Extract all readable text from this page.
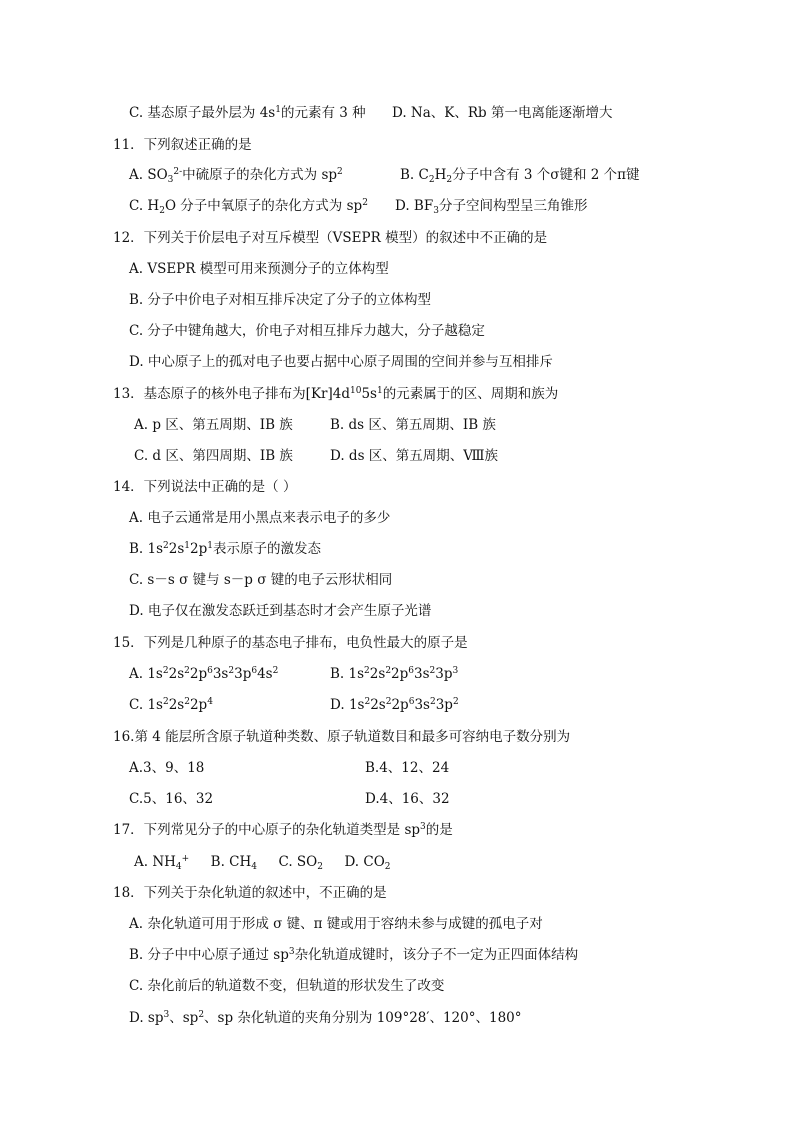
C. 基态原子最外层为 $4s^1$的元素有 3 种 D. Na、K、Rb 第一电离能逐渐增大
11．下列叙述正确的是
A. $SO_3^{2-}$中硫原子的杂化方式为 $sp^2$	B. $C_2H_2$分子中含有 3 个σ键和 2 个π键
C. $H_2O$ 分子中氧原子的杂化方式为 $sp^2$ D. $BF_3$分子空间构型呈三角锥形
12．下列关于价层电子对互斥模型（VSEPR 模型）的叙述中不正确的是
A. VSEPR 模型可用来预测分子的立体构型
B. 分子中价电子对相互排斥决定了分子的立体构型
C. 分子中键角越大，价电子对相互排斥力越大，分子越稳定
D. 中心原子上的孤对电子也要占据中心原子周围的空间并参与互相排斥
13．基态原子的核外电子排布为$[Kr]4d^{10}5s^1$的元素属于的区、周期和族为
A. p 区、第五周期、ⅠB 族	B. ds 区、第五周期、ⅠB 族
C. d 区、第四周期、ⅠB 族	D. ds 区、第五周期、Ⅷ族
14．下列说法中正确的是（ ）
A. 电子云通常是用小黑点来表示电子的多少
B. $1s^22s^12p^1$表示原子的激发态
C. s－s σ 键与 s－p σ 键的电子云形状相同
D. 电子仅在激发态跃迁到基态时才会产生原子光谱
15．下列是几种原子的基态电子排布，电负性最大的原子是
A. $1s^22s^22p^63s^23p^64s^2$	B. $1s^22s^22p^63s^23p^3$
C. $1s^22s^22p^4$	D. $1s^22s^22p^63s^23p^2$
16.第 4 能层所含原子轨道种类数、原子轨道数目和最多可容纳电子数分别为
A.3、9、18	B.4、12、24
C.5、16、32	D.4、16、32
17．下列常见分子的中心原子的杂化轨道类型是 $sp^3$的是
A. $NH_4^+$ B. $CH_4$ C. $SO_2$ D. $CO_2$
18．下列关于杂化轨道的叙述中，不正确的是
A. 杂化轨道可用于形成 σ 键、π 键或用于容纳未参与成键的孤电子对
B. 分子中中心原子通过 $sp^3$杂化轨道成键时，该分子不一定为正四面体结构
C. 杂化前后的轨道数不变，但轨道的形状发生了改变
D. $sp^3$、$sp^2$、sp 杂化轨道的夹角分别为 109°28′、120°、180°
